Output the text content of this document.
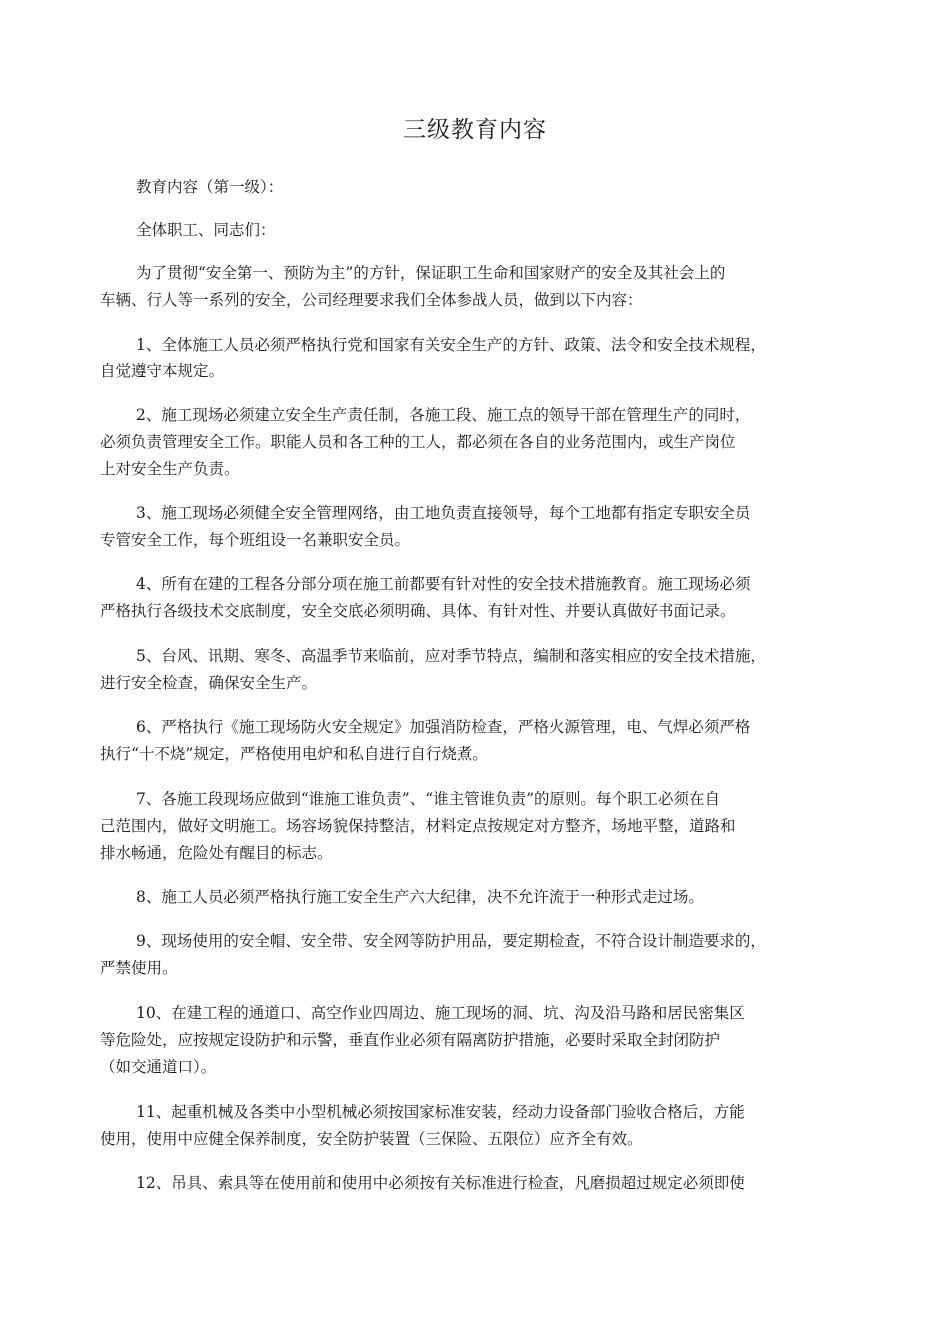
三级教育内容
教育内容（第一级）：
全体职工、同志们：
为了贯彻“安全第一、预防为主”的方针，保证职工生命和国家财产的安全及其社会上的
车辆、行人等一系列的安全，公司经理要求我们全体参战人员，做到以下内容：
1、全体施工人员必须严格执行党和国家有关安全生产的方针、政策、法令和安全技术规程，
自觉遵守本规定。
2、施工现场必须建立安全生产责任制，各施工段、施工点的领导干部在管理生产的同时，
必须负责管理安全工作。职能人员和各工种的工人，都必须在各自的业务范围内，或生产岗位
上对安全生产负责。
3、施工现场必须健全安全管理网络，由工地负责直接领导，每个工地都有指定专职安全员
专管安全工作，每个班组设一名兼职安全员。
4、所有在建的工程各分部分项在施工前都要有针对性的安全技术措施教育。施工现场必须
严格执行各级技术交底制度，安全交底必须明确、具体、有针对性、并要认真做好书面记录。
5、台风、讯期、寒冬、高温季节来临前，应对季节特点，编制和落实相应的安全技术措施，
进行安全检查，确保安全生产。
6、严格执行《施工现场防火安全规定》加强消防检查，严格火源管理，电、气焊必须严格
执行“十不烧”规定，严格使用电炉和私自进行自行烧煮。
7、各施工段现场应做到“谁施工谁负责”、“谁主管谁负责”的原则。每个职工必须在自
己范围内，做好文明施工。场容场貌保持整洁，材料定点按规定对方整齐，场地平整，道路和
排水畅通，危险处有醒目的标志。
8、施工人员必须严格执行施工安全生产六大纪律，决不允许流于一种形式走过场。
9、现场使用的安全帽、安全带、安全网等防护用品，要定期检查，不符合设计制造要求的，
严禁使用。
10、在建工程的通道口、高空作业四周边、施工现场的洞、坑、沟及沿马路和居民密集区
等危险处，应按规定设防护和示警，垂直作业必须有隔离防护措施，必要时采取全封闭防护
（如交通道口）。
11、起重机械及各类中小型机械必须按国家标准安装，经动力设备部门验收合格后，方能
使用，使用中应健全保养制度，安全防护装置（三保险、五限位）应齐全有效。
12、吊具、索具等在使用前和使用中必须按有关标准进行检查，凡磨损超过规定必须即使
